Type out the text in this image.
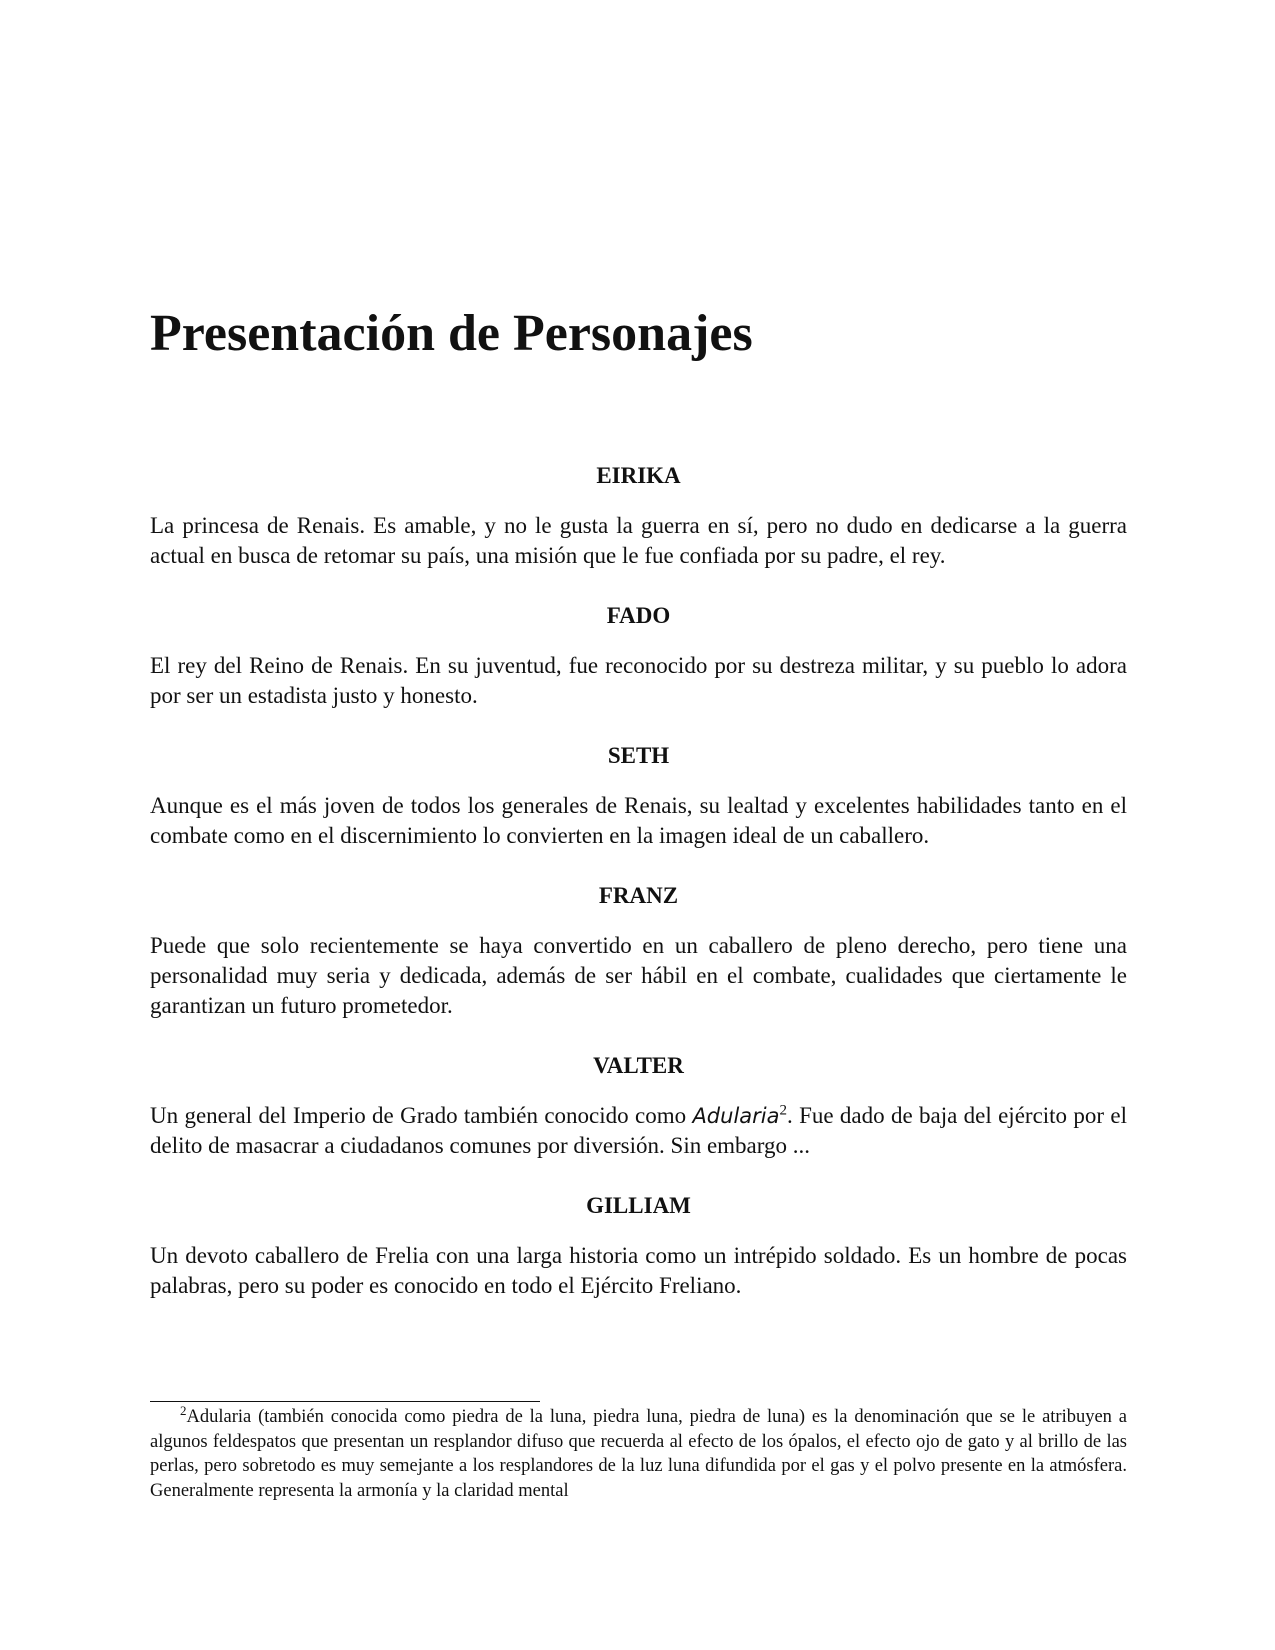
Presentación de Personajes
EIRIKA

La princesa de Renais. Es amable, y no le gusta la guerra en sí, pero no dudo en dedicarse a la guerra actual en busca de retomar su país, una misión que le fue confiada por su padre, el rey.

FADO

El rey del Reino de Renais. En su juventud, fue reconocido por su destreza militar, y su pueblo lo adora por ser un estadista justo y honesto.

SETH

Aunque es el más joven de todos los generales de Renais, su lealtad y excelentes habilidades tanto en el combate como en el discernimiento lo convierten en la imagen ideal de un caballero.

FRANZ

Puede que solo recientemente se haya convertido en un caballero de pleno derecho, pero tiene una personalidad muy seria y dedicada, además de ser hábil en el combate, cualidades que ciertamente le garantizan un futuro prometedor.

VALTER

Un general del Imperio de Grado también conocido como Adularia$^2$. Fue dado de baja del ejército por el delito de masacrar a ciudadanos comunes por diversión. Sin embargo ...

GILLIAM

Un devoto caballero de Frelia con una larga historia como un intrépido soldado. Es un hombre de pocas palabras, pero su poder es conocido en todo el Ejército Freliano.

$^2$Adularia (también conocida como piedra de la luna, piedra luna, piedra de luna) es la denominación que se le atribuyen a algunos feldespatos que presentan un resplandor difuso que recuerda al efecto de los ópalos, el efecto ojo de gato y al brillo de las perlas, pero sobretodo es muy semejante a los resplandores de la luz luna difundida por el gas y el polvo presente en la atmósfera. Generalmente representa la armonía y la claridad mental
